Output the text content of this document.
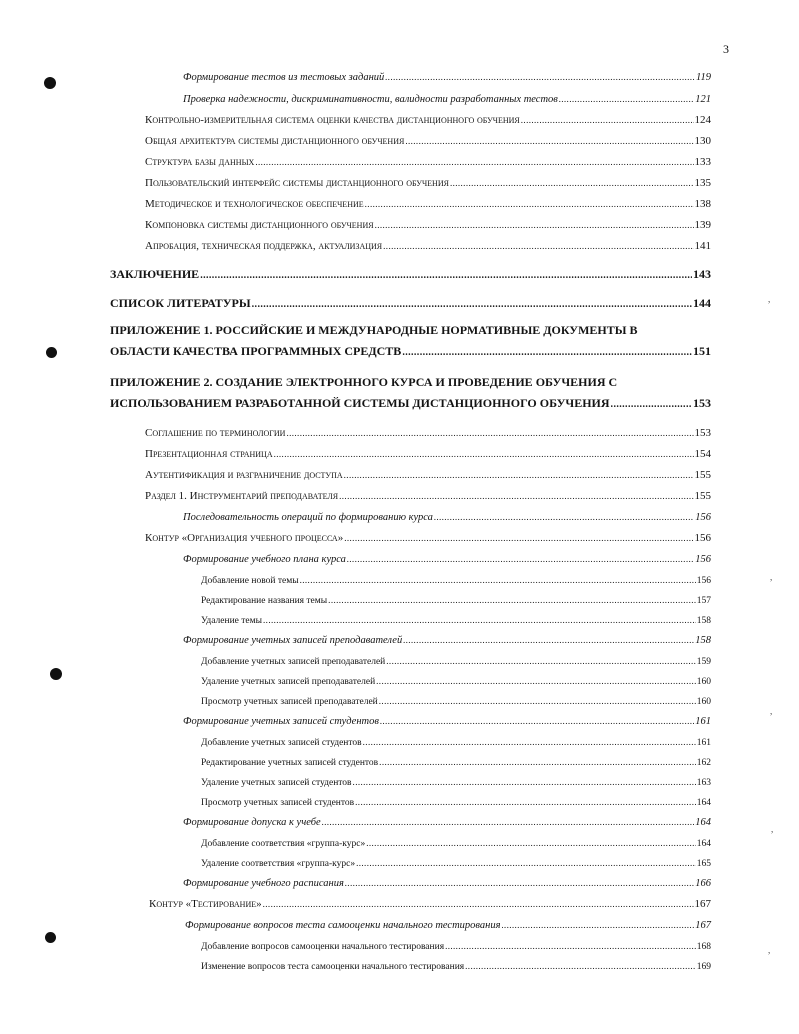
3
,
,
,
,
,
Формирование тестов из тестовых заданий .....	119
Проверка надежности, дискриминативности, валидности разработанных тестов .....	121
Контрольно-измерительная система оценки качества дистанционного обучения .....	124
Общая архитектура системы дистанционного обучения .....	130
Структура базы данных .....	133
Пользовательский интерфейс системы дистанционного обучения .....	135
Методическое и технологическое обеспечение .....	138
Компоновка системы дистанционного обучения .....	139
Апробация, техническая поддержка, актуализация .....	141
ЗАКЛЮЧЕНИЕ .....	143
СПИСОК ЛИТЕРАТУРЫ .....	144
ПРИЛОЖЕНИЕ 1. РОССИЙСКИЕ И МЕЖДУНАРОДНЫЕ НОРМАТИВНЫЕ ДОКУМЕНТЫ В
ОБЛАСТИ КАЧЕСТВА ПРОГРАММНЫХ СРЕДСТВ .....	151
ПРИЛОЖЕНИЕ 2. СОЗДАНИЕ ЭЛЕКТРОННОГО КУРСА И ПРОВЕДЕНИЕ ОБУЧЕНИЯ С
ИСПОЛЬЗОВАНИЕМ РАЗРАБОТАННОЙ СИСТЕМЫ ДИСТАНЦИОННОГО ОБУЧЕНИЯ .....	153
Соглашение по терминологии .....	153
Презентационная страница .....	154
Аутентификация и разграничение доступа .....	155
Раздел 1. Инструментарий преподавателя .....	155
Последовательность операций по формированию курса .....	156
Контур «Организация учебного процесса» .....	156
Формирование учебного плана курса .....	156
Добавление новой темы .....	156
Редактирование названия темы .....	157
Удаление темы .....	158
Формирование учетных записей преподавателей .....	158
Добавление учетных записей преподавателей .....	159
Удаление учетных записей преподавателей .....	160
Просмотр учетных записей преподавателей .....	160
Формирование учетных записей студентов .....	161
Добавление учетных записей студентов .....	161
Редактирование учетных записей студентов .....	162
Удаление учетных записей студентов .....	163
Просмотр учетных записей студентов .....	164
Формирование допуска к учебе .....	164
Добавление соответствия «группа-курс» .....	164
Удаление соответствия «группа-курс» .....	165
Формирование учебного расписания .....	166
Контур «Тестирование» .....	167
Формирование вопросов теста самооценки начального тестирования .....	167
Добавление вопросов самооценки начального тестирования .....	168
Изменение вопросов теста самооценки начального тестирования .....	169
